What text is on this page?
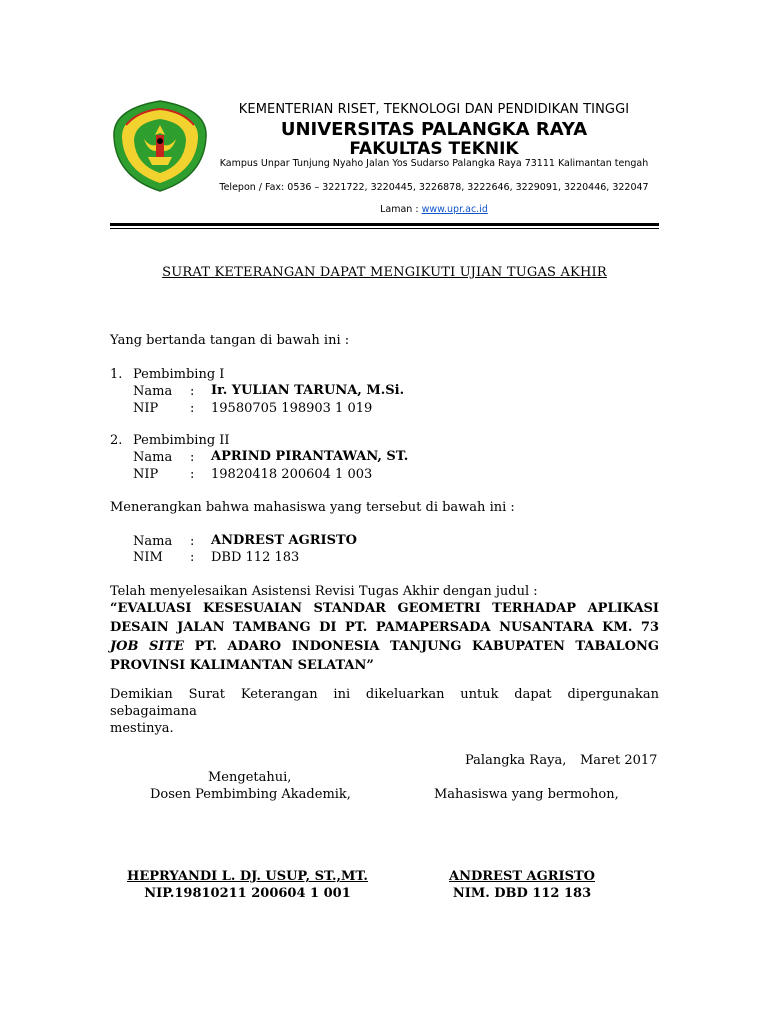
KEMENTERIAN RISET, TEKNOLOGI DAN PENDIDIKAN TINGGI
UNIVERSITAS PALANGKA RAYA
FAKULTAS TEKNIK
Kampus Unpar Tunjung Nyaho Jalan Yos Sudarso Palangka Raya 73111 Kalimantan tengah
Telepon / Fax: 0536 – 3221722, 3220445, 3226878, 3222646, 3229091, 3220446, 322047
Laman : www.upr.ac.id
SURAT KETERANGAN DAPAT MENGIKUTI UJIAN TUGAS AKHIR
Yang bertanda tangan di bawah ini :
1. Pembimbing I
Nama : Ir. YULIAN TARUNA, M.Si.
NIP : 19580705 198903 1 019
2. Pembimbing II
Nama : APRIND PIRANTAWAN, ST.
NIP : 19820418 200604 1 003
Menerangkan bahwa mahasiswa yang tersebut di bawah ini :
Nama : ANDREST AGRISTO
NIM : DBD 112 183
Telah menyelesaikan Asistensi Revisi Tugas Akhir dengan judul :
“EVALUASI KESESUAIAN STANDAR GEOMETRI TERHADAP APLIKASI
DESAIN JALAN TAMBANG DI PT. PAMAPERSADA NUSANTARA KM. 73
JOB SITE PT. ADARO INDONESIA TANJUNG KABUPATEN TABALONG
PROVINSI KALIMANTAN SELATAN”
Demikian Surat Keterangan ini dikeluarkan untuk dapat dipergunakan sebagaimana
mestinya.
Palangka Raya, Maret 2017
Mengetahui,
Dosen Pembimbing Akademik,	Mahasiswa yang bermohon,
HEPRYANDI L. DJ. USUP, ST.,MT.
NIP.19810211 200604 1 001
ANDREST AGRISTO
NIM. DBD 112 183
